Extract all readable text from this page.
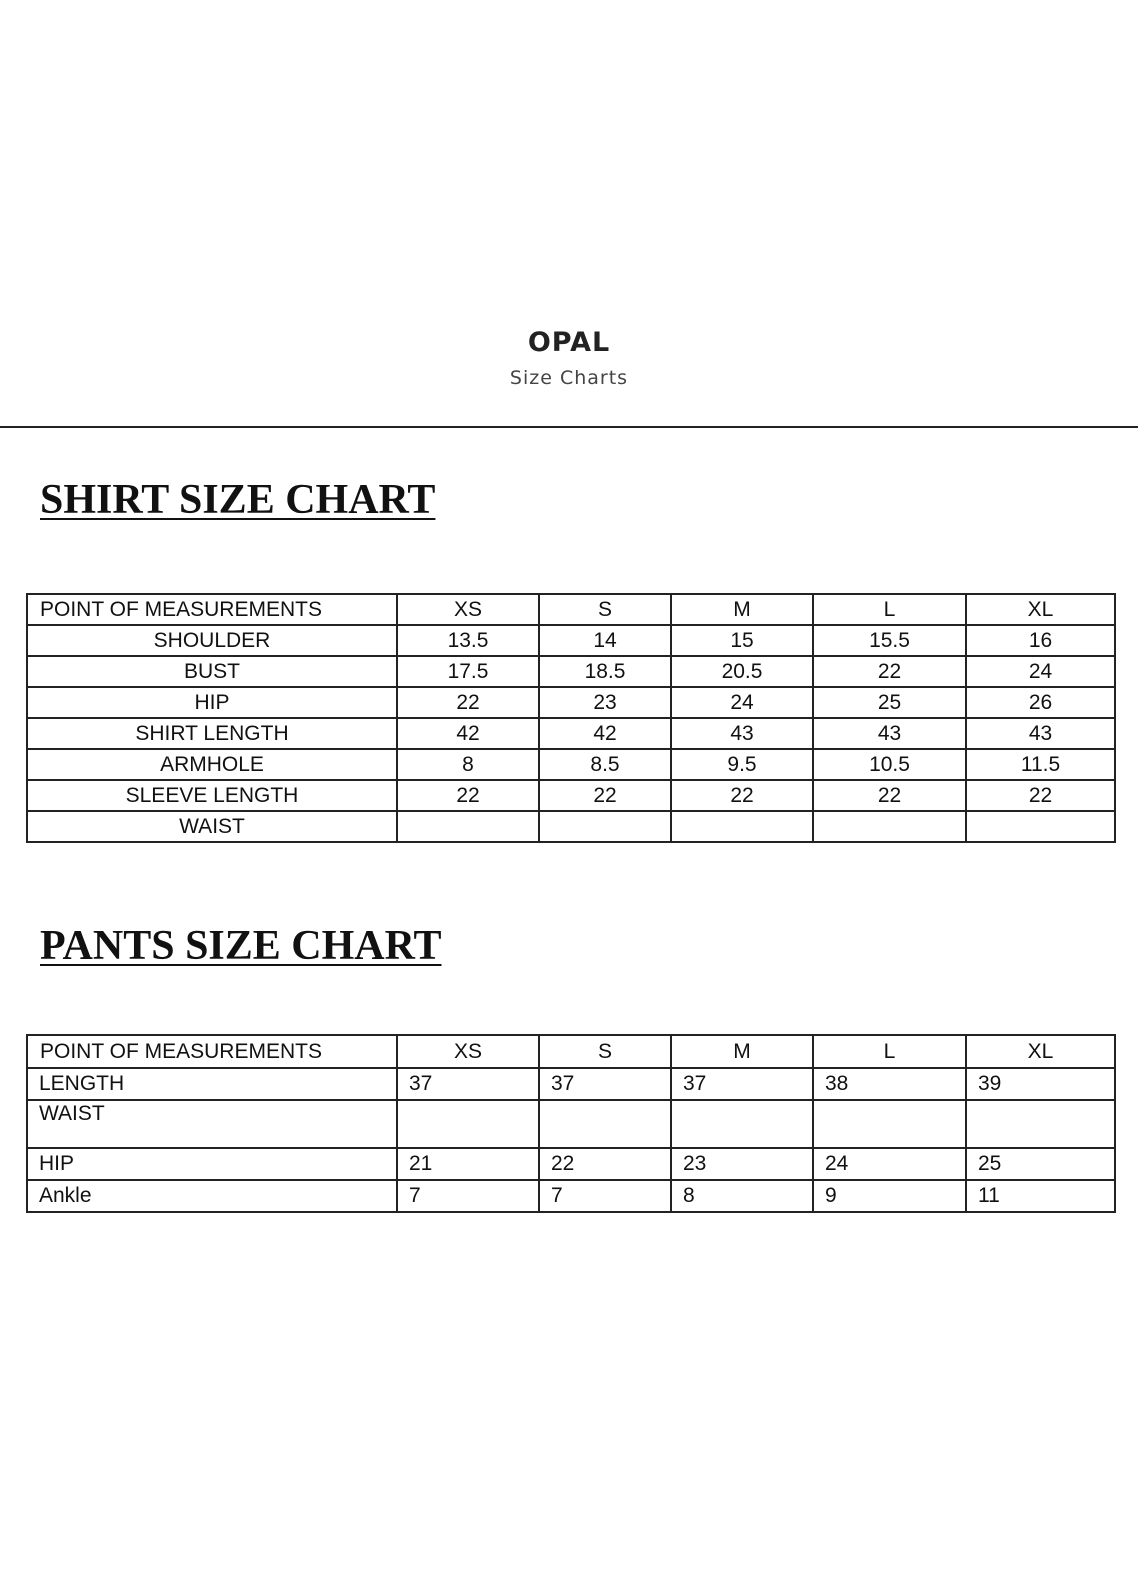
OPAL
Size Charts
SHIRT SIZE CHART
POINT OF MEASUREMENTS	XS	S	M	L	XL
SHOULDER	13.5	14	15	15.5	16
BUST	17.5	18.5	20.5	22	24
HIP	22	23	24	25	26
SHIRT LENGTH	42	42	43	43	43
ARMHOLE	8	8.5	9.5	10.5	11.5
SLEEVE LENGTH	22	22	22	22	22
WAIST					
PANTS SIZE CHART
POINT OF MEASUREMENTS	XS	S	M	L	XL
LENGTH	37	37	37	38	39
WAIST					
HIP	21	22	23	24	25
Ankle	7	7	8	9	11
